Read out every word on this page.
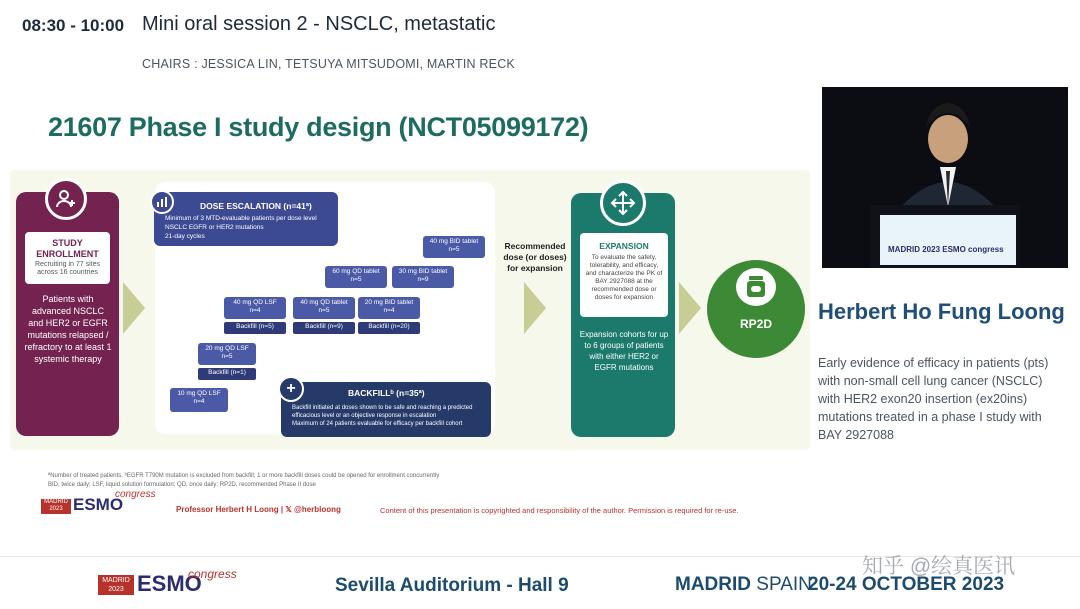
08:30 - 10:00 Mini oral session 2 - NSCLC, metastatic
CHAIRS : JESSICA LIN, TETSUYA MITSUDOMI, MARTIN RECK
21607 Phase I study design (NCT05099172)
STUDY ENROLLMENT
Recruiting in 77 sites across 16 countries
Patients with advanced NSCLC and HER2 or EGFR mutations relapsed / refractory to at least 1 systemic therapy
DOSE ESCALATION (n=41ª)
Minimum of 3 MTD-evaluable patients per dose level
NSCLC EGFR or HER2 mutations
21-day cycles
10 mg QD LSF
n=4
20 mg QD LSF
n=5
Backfill (n=1)
40 mg QD LSF
n=4
Backfill (n=5)
40 mg QD tablet
n=5
Backfill (n=9)
20 mg BID tablet
n=4
Backfill (n=20)
60 mg QD tablet
n=5
30 mg BID tablet
n=9
40 mg BID tablet
n=5
+	BACKFILLᵇ (n=35ª)
Backfill initiated at doses shown to be safe and reaching a predicted efficacious level or an objective response in escalation
Maximum of 24 patients evaluable for efficacy per backfill cohort
Recommended dose (or doses) for expansion
EXPANSION
To evaluate the safety, tolerability, and efficacy, and characterize the PK of BAY 2927088 at the recommended dose or doses for expansion
Expansion cohorts for up to 6 groups of patients with either HER2 or EGFR mutations
RP2D
ªNumber of treated patients, ᵇEGFR T790M mutation is excluded from backfill; 1 or more backfill doses could be opened for enrollment concurrently
BID, twice daily; LSF, liquid solution formulation; QD, once daily; RP2D, recommended Phase II dose
MADRID
2023 ESMO
congress
Professor Herbert H Loong | 𝕏 @herbloong	Content of this presentation is copyrighted and responsibility of the author. Permission is required for re-use.
MADRID 2023 ESMO congress
Herbert Ho Fung Loong
Early evidence of efficacy in patients (pts) with non-small cell lung cancer (NSCLC) with HER2 exon20 insertion (ex20ins) mutations treated in a phase I study with BAY 2927088
MADRID
2023 ESMO
congress
Sevilla Auditorium - Hall 9	MADRID SPAIN
20-24 OCTOBER 2023
知乎 @绘真医讯
